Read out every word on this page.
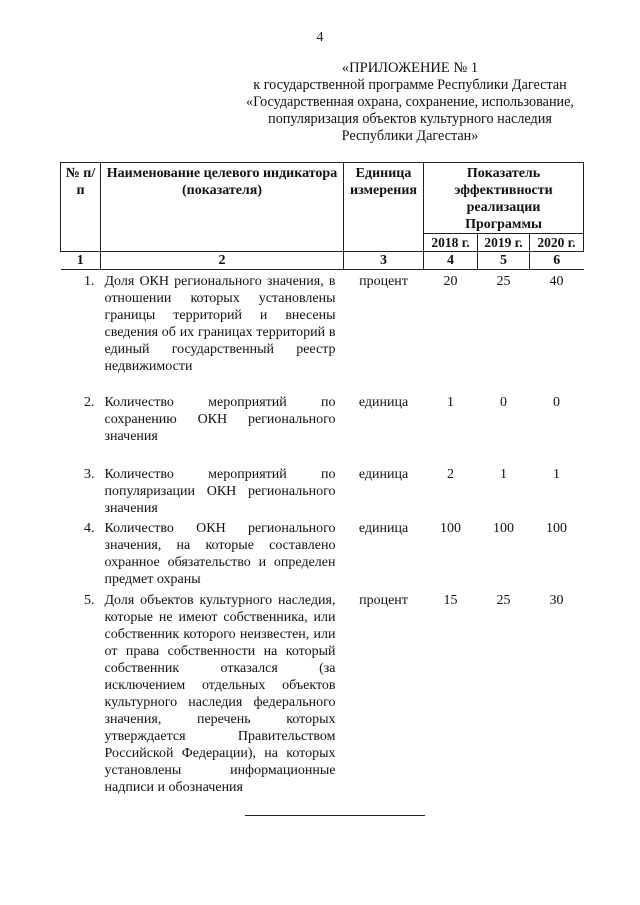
4
«ПРИЛОЖЕНИЕ № 1
к государственной программе Республики Дагестан
«Государственная охрана, сохранение, использование,
популяризация объектов культурного наследия
Республики Дагестан»
№ п/п	Наименование целевого индикатора (показателя)	Единица измерения	Показатель эффективности реализации Программы		
			2018 г.	2019 г.	2020 г.
1	2	3	4	5	6
1.	Доля ОКН регионального значения, в отношении которых установлены границы территорий и внесены сведения об их границах территорий в единый государственный реестр недвижимости	процент	20	25	40
2.	Количество мероприятий по сохранению ОКН регионального значения	единица	1	0	0
3.	Количество мероприятий по популяризации ОКН регионального значения	единица	2	1	1
4.	Количество ОКН регионального значения, на которые составлено охранное обязательство и определен предмет охраны	единица	100	100	100
5.	Доля объектов культурного наследия, которые не имеют собственника, или собственник которого неизвестен, или от права собственности на который собственник отказался (за исключением отдельных объектов культурного наследия федерального значения, перечень которых утверждается Правительством Российской Федерации), на которых установлены информационные надписи и обозначения	процент	15	25	30
